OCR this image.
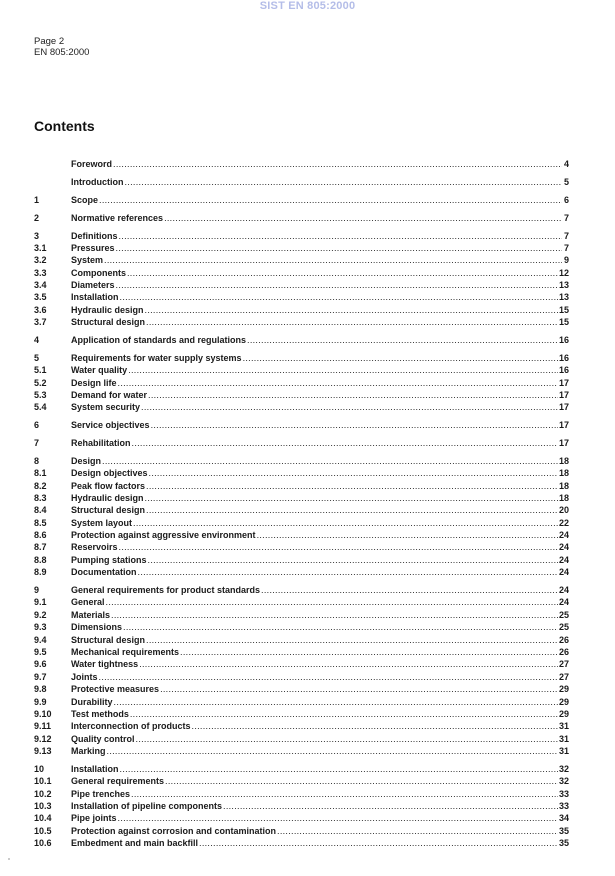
SIST EN 805:2000
Page 2
EN 805:2000
Contents
Foreword .....	4
Introduction .....	5
1	Scope .....	6
2	Normative references .....	7
3	Definitions .....	7
3.1	Pressures .....	7
3.2	System .....	9
3.3	Components .....	12
3.4	Diameters .....	13
3.5	Installation .....	13
3.6	Hydraulic design .....	15
3.7	Structural design .....	15
4	Application of standards and regulations .....	16
5	Requirements for water supply systems .....	16
5.1	Water quality .....	16
5.2	Design life .....	17
5.3	Demand for water .....	17
5.4	System security .....	17
6	Service objectives .....	17
7	Rehabilitation .....	17
8	Design .....	18
8.1	Design objectives .....	18
8.2	Peak flow factors .....	18
8.3	Hydraulic design .....	18
8.4	Structural design .....	20
8.5	System layout .....	22
8.6	Protection against aggressive environment .....	24
8.7	Reservoirs .....	24
8.8	Pumping stations .....	24
8.9	Documentation .....	24
9	General requirements for product standards .....	24
9.1	General .....	24
9.2	Materials .....	25
9.3	Dimensions .....	25
9.4	Structural design .....	26
9.5	Mechanical requirements .....	26
9.6	Water tightness .....	27
9.7	Joints .....	27
9.8	Protective measures .....	29
9.9	Durability .....	29
9.10	Test methods .....	29
9.11	Interconnection of products .....	31
9.12	Quality control .....	31
9.13	Marking .....	31
10	Installation .....	32
10.1	General requirements .....	32
10.2	Pipe trenches .....	33
10.3	Installation of pipeline components .....	33
10.4	Pipe joints .....	34
10.5	Protection against corrosion and contamination .....	35
10.6	Embedment and main backfill .....	35
